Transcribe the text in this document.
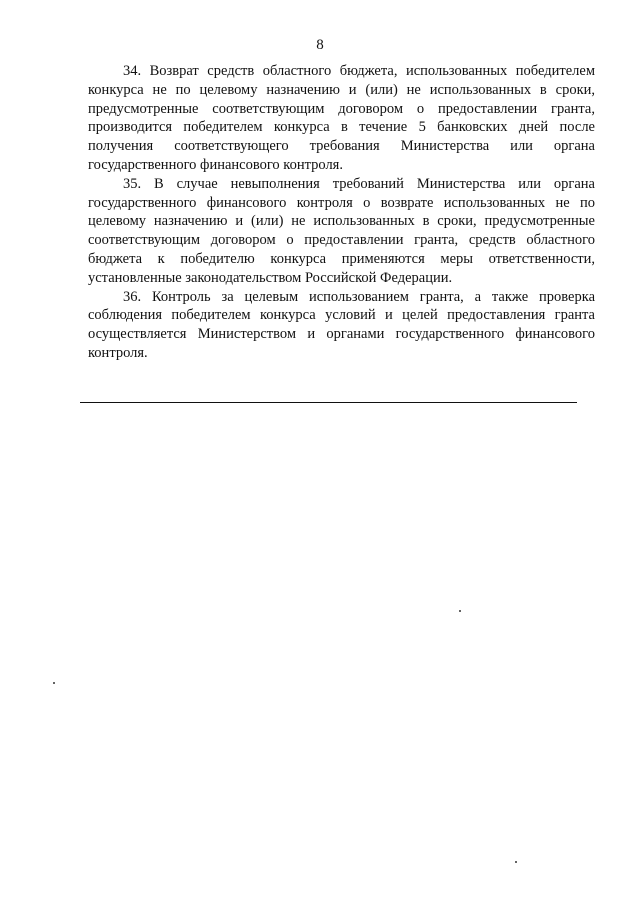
8

34. Возврат средств областного бюджета, использованных победителем конкурса не по целевому назначению и (или) не использованных в сроки, предусмотренные соответствующим договором о предоставлении гранта, производится победителем конкурса в течение 5 банковских дней после получения соответствующего требования Министерства или органа государственного финансового контроля.

35. В случае невыполнения требований Министерства или органа государственного финансового контроля о возврате использованных не по целевому назначению и (или) не использованных в сроки, предусмотренные соответствующим договором о предоставлении гранта, средств областного бюджета к победителю конкурса применяются меры ответственности, установленные законодательством Российской Федерации.

36. Контроль за целевым использованием гранта, а также проверка соблюдения победителем конкурса условий и целей предоставления гранта осуществляется Министерством и органами государственного финансового контроля.
